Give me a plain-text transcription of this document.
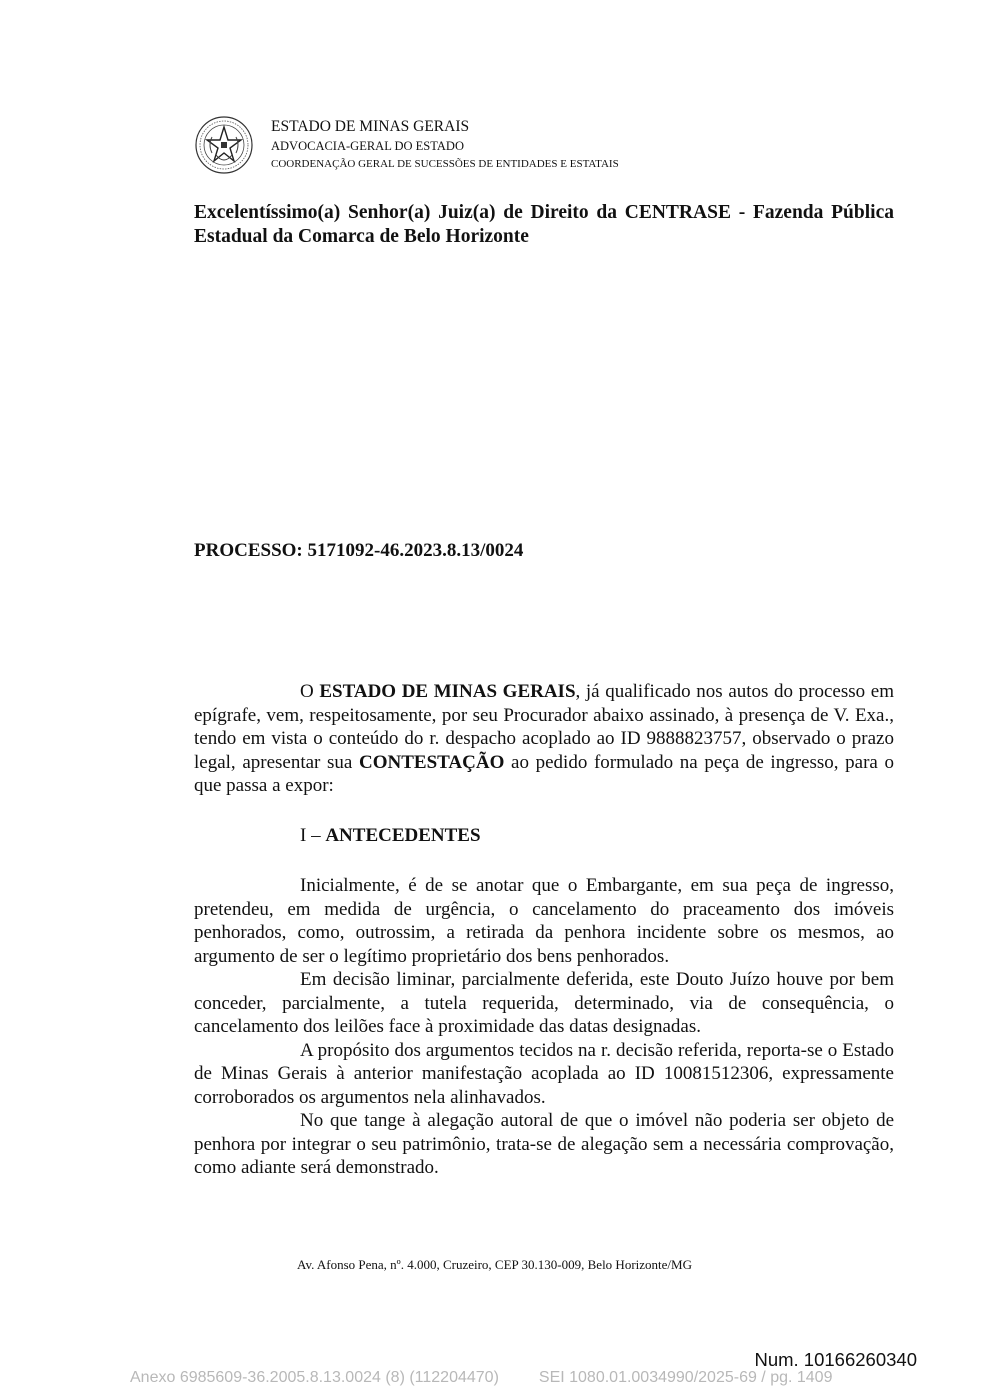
ESTADO DE MINAS GERAIS
ADVOCACIA-GERAL DO ESTADO
COORDENAÇÃO GERAL DE SUCESSÕES DE ENTIDADES E ESTATAIS
Excelentíssimo(a) Senhor(a) Juiz(a) de Direito da CENTRASE - Fazenda Pública Estadual da Comarca de Belo Horizonte
PROCESSO: 5171092-46.2023.8.13/0024

O ESTADO DE MINAS GERAIS, já qualificado nos autos do processo em epígrafe, vem, respeitosamente, por seu Procurador abaixo assinado, à presença de V. Exa., tendo em vista o conteúdo do r. despacho acoplado ao ID 9888823757, observado o prazo legal, apresentar sua CONTESTAÇÃO ao pedido formulado na peça de ingresso, para o que passa a expor:

I – ANTECEDENTES

Inicialmente, é de se anotar que o Embargante, em sua peça de ingresso, pretendeu, em medida de urgência, o cancelamento do praceamento dos imóveis penhorados, como, outrossim, a retirada da penhora incidente sobre os mesmos, ao argumento de ser o legítimo proprietário dos bens penhorados.

Em decisão liminar, parcialmente deferida, este Douto Juízo houve por bem conceder, parcialmente, a tutela requerida, determinado, via de consequência, o cancelamento dos leilões face à proximidade das datas designadas.

A propósito dos argumentos tecidos na r. decisão referida, reporta-se o Estado de Minas Gerais à anterior manifestação acoplada ao ID 10081512306, expressamente corroborados os argumentos nela alinhavados.

No que tange à alegação autoral de que o imóvel não poderia ser objeto de penhora por integrar o seu patrimônio, trata-se de alegação sem a necessária comprovação, como adiante será demonstrado.

Av. Afonso Pena, nº. 4.000, Cruzeiro, CEP 30.130-009, Belo Horizonte/MG
Num. 10166260340
Anexo 6985609-36.2005.8.13.0024 (8) (112204470)	SEI 1080.01.0034990/2025-69 / pg. 1409
